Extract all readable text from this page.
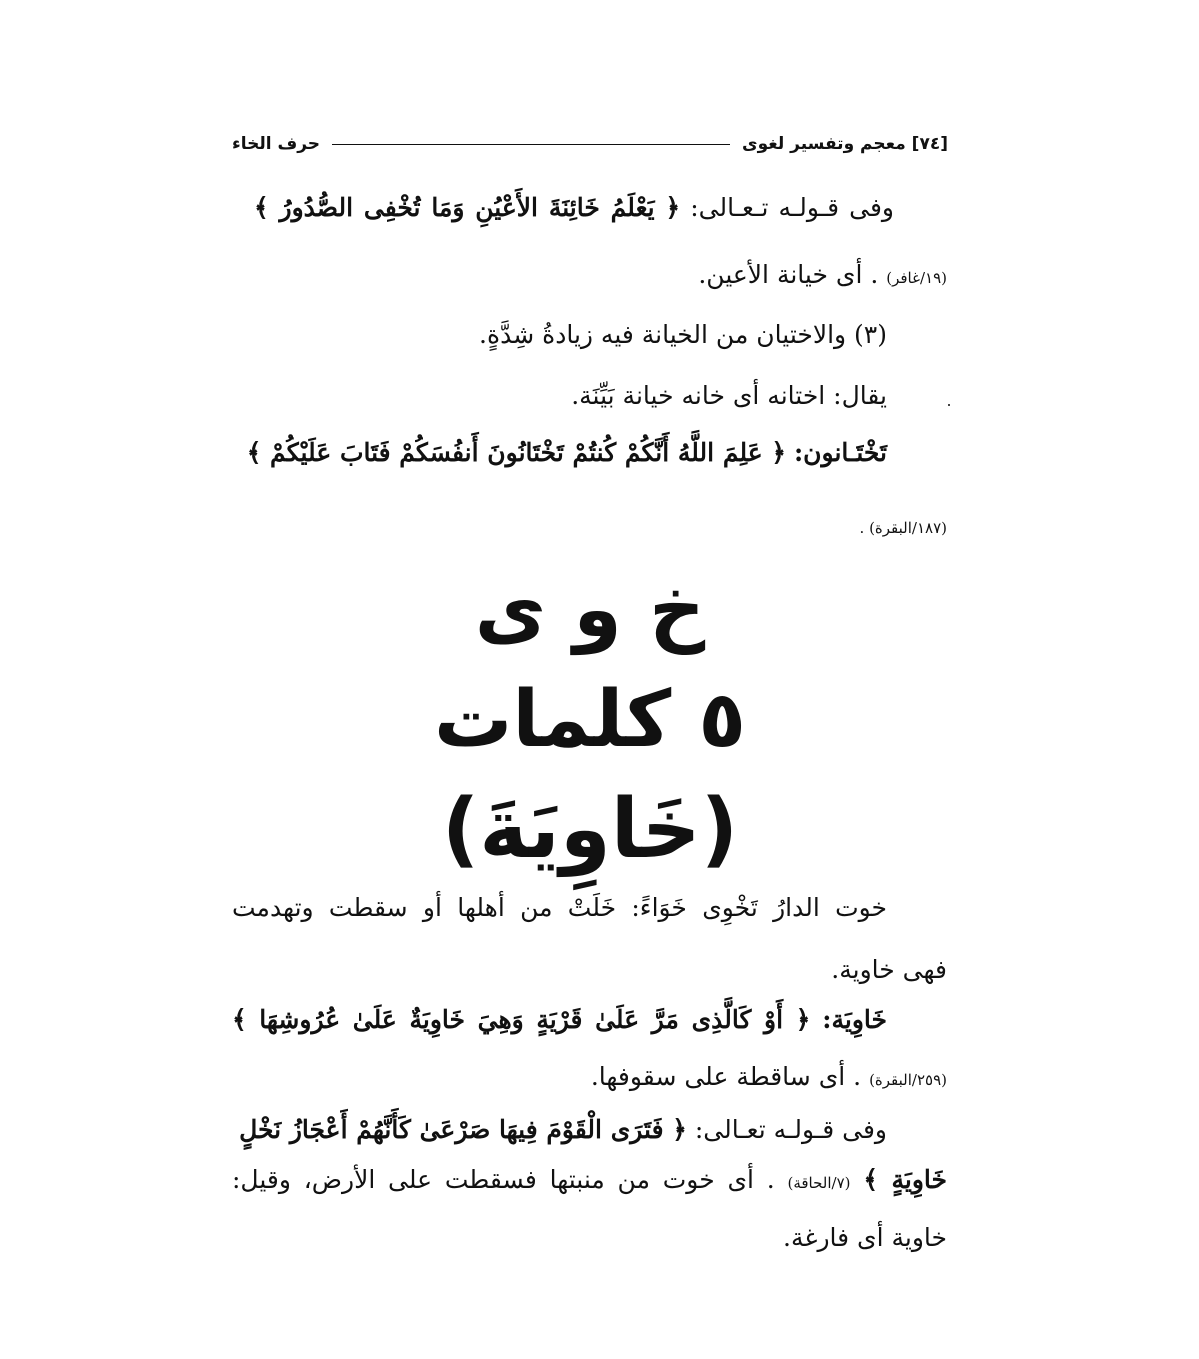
[٧٤] معجم وتفسير لغوى
حرف الخاء
وفى قـولـه تـعـالى: ﴿ يَعْلَمُ خَائِنَةَ الأَعْيُنِ وَمَا تُخْفِى الصُّدُورُ ﴾
(١٩/غافر) . أى خيانة الأعين.
(٣) والاختيان من الخيانة فيه زيادةُ شِدَّةٍ.
يقال: اختانه أى خانه خيانة بَيِّنَة.
تَخْتَـانون: ﴿ عَلِمَ اللَّهُ أَنَّكُمْ كُنتُمْ تَخْتَانُونَ أَنفُسَكُمْ فَتَابَ عَلَيْكُمْ ﴾
(١٨٧/البقرة) .
خ و ى
٥ كلمات
(خَاوِيَةَ)
خوت الدارُ تَخْوِى خَوَاءً: خَلَتْ من أهلها أو سقطت وتهدمت
فهى خاوية.
خَاوِيَة: ﴿ أَوْ كَالَّذِى مَرَّ عَلَىٰ قَرْيَةٍ وَهِيَ خَاوِيَةٌ عَلَىٰ عُرُوشِهَا ﴾
(٢٥٩/البقرة) . أى ساقطة على سقوفها.
وفى قـولـه تعـالى: ﴿ فَتَرَى الْقَوْمَ فِيهَا صَرْعَىٰ كَأَنَّهُمْ أَعْجَازُ نَخْلٍ
خَاوِيَةٍ ﴾ (٧/الحاقة) . أى خوت من منبتها فسقطت على الأرض، وقيل:
خاوية أى فارغة.
